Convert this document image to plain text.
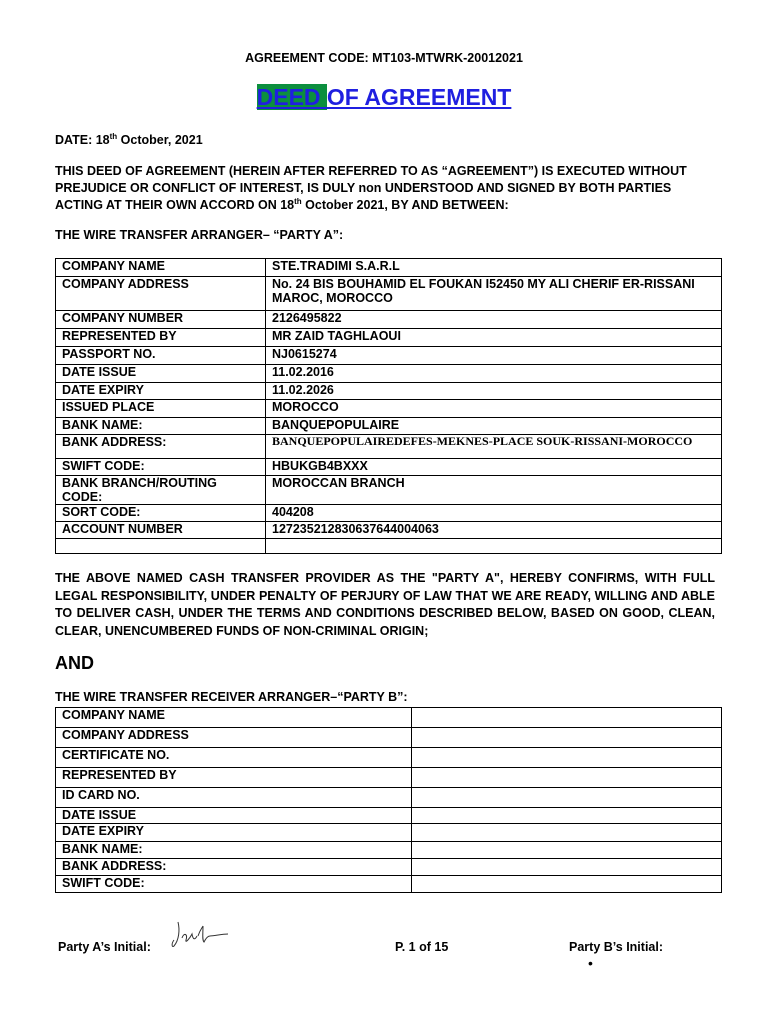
AGREEMENT CODE: MT103-MTWRK-20012021
DEED OF AGREEMENT
DATE: 18th October, 2021
THIS DEED OF AGREEMENT (HEREIN AFTER REFERRED TO AS “AGREEMENT”) IS EXECUTED WITHOUT PREJUDICE OR CONFLICT OF INTEREST, IS DULY non UNDERSTOOD AND SIGNED BY BOTH PARTIES ACTING AT THEIR OWN ACCORD ON 18th October 2021, BY AND BETWEEN:
THE WIRE TRANSFER ARRANGER– “PARTY A”:
COMPANY NAME	STE.TRADIMI S.A.R.L
COMPANY ADDRESS	No. 24 BIS BOUHAMID EL FOUKAN I52450 MY ALI CHERIF ER-RISSANI MAROC, MOROCCO
COMPANY NUMBER	2126495822
REPRESENTED BY	MR ZAID TAGHLAOUI
PASSPORT NO.	NJ0615274
DATE ISSUE	11.02.2016
DATE EXPIRY	11.02.2026
ISSUED PLACE	MOROCCO
BANK NAME:	BANQUEPOPULAIRE
BANK ADDRESS:	BANQUEPOPULAIREDEFES-MEKNES-PLACE SOUK-RISSANI-MOROCCO
SWIFT CODE:	HBUKGB4BXXX
BANK BRANCH/ROUTING CODE:	MOROCCAN BRANCH
SORT CODE:	404208
ACCOUNT NUMBER	127235212830637644004063

THE ABOVE NAMED CASH TRANSFER PROVIDER AS THE "PARTY A", HEREBY CONFIRMS, WITH FULL LEGAL RESPONSIBILITY, UNDER PENALTY OF PERJURY OF LAW THAT WE ARE READY, WILLING AND ABLE TO DELIVER CASH, UNDER THE TERMS AND CONDITIONS DESCRIBED BELOW, BASED ON GOOD, CLEAN, CLEAR, UNENCUMBERED FUNDS OF NON-CRIMINAL ORIGIN;
AND
THE WIRE TRANSFER RECEIVER ARRANGER–“PARTY B”:
COMPANY NAME	
COMPANY ADDRESS	
CERTIFICATE NO.	
REPRESENTED BY	
ID CARD NO.	
DATE ISSUE	
DATE EXPIRY	
BANK NAME:	
BANK ADDRESS:	
SWIFT CODE:	
Party A’s Initial:	P. 1 of 15	Party B’s Initial:
•
